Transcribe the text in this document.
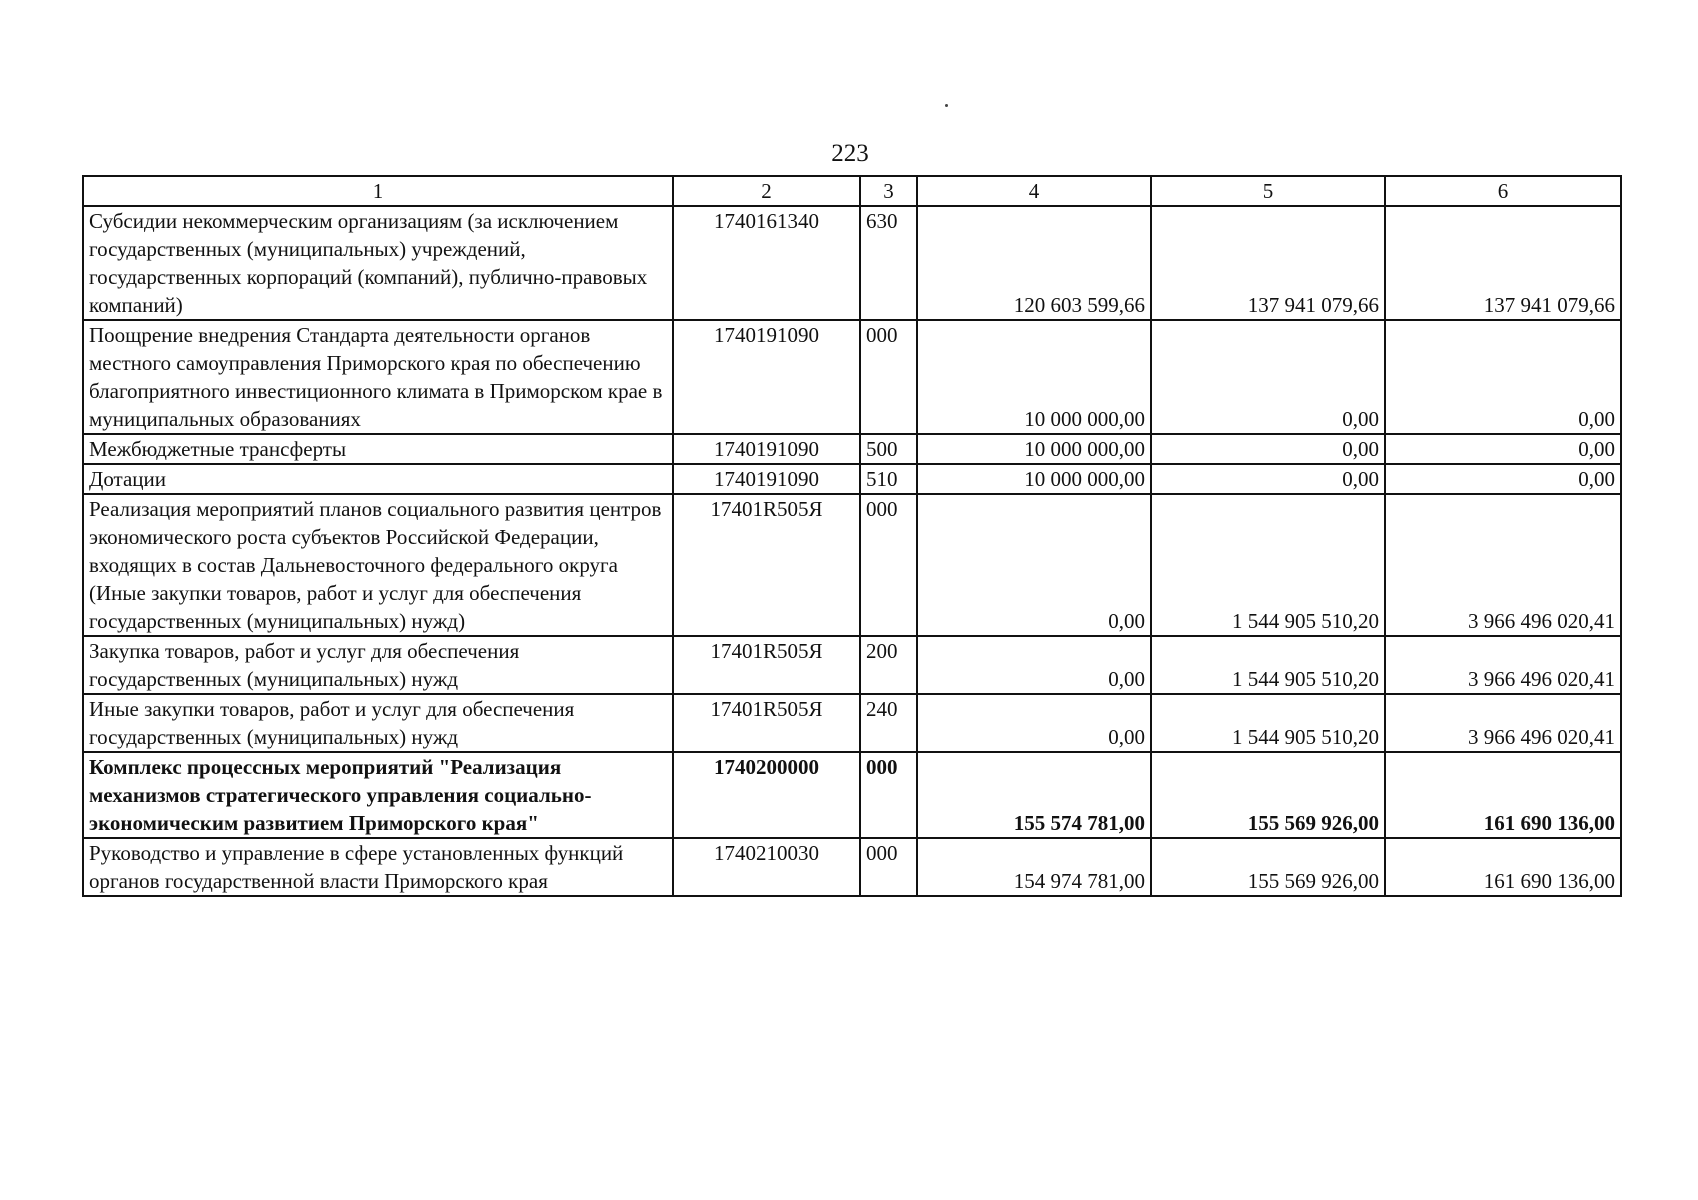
223
1	2	3	4	5	6
Субсидии некоммерческим организациям (за исключением государственных (муниципальных) учреждений, государственных корпораций (компаний), публично-правовых компаний)	1740161340	630	120 603 599,66	137 941 079,66	137 941 079,66
Поощрение внедрения Стандарта деятельности органов местного самоуправления Приморского края по обеспечению благоприятного инвестиционного климата в Приморском крае в муниципальных образованиях	1740191090	000	10 000 000,00	0,00	0,00
Межбюджетные трансферты	1740191090	500	10 000 000,00	0,00	0,00
Дотации	1740191090	510	10 000 000,00	0,00	0,00
Реализация мероприятий планов социального развития центров экономического роста субъектов Российской Федерации, входящих в состав Дальневосточного федерального округа (Иные закупки товаров, работ и услуг для обеспечения государственных (муниципальных) нужд)	17401R505Я	000	0,00	1 544 905 510,20	3 966 496 020,41
Закупка товаров, работ и услуг для обеспечения государственных (муниципальных) нужд	17401R505Я	200	0,00	1 544 905 510,20	3 966 496 020,41
Иные закупки товаров, работ и услуг для обеспечения государственных (муниципальных) нужд	17401R505Я	240	0,00	1 544 905 510,20	3 966 496 020,41
Комплекс процессных мероприятий "Реализация механизмов стратегического управления социально-экономическим развитием Приморского края"	1740200000	000	155 574 781,00	155 569 926,00	161 690 136,00
Руководство и управление в сфере установленных функций органов государственной власти Приморского края	1740210030	000	154 974 781,00	155 569 926,00	161 690 136,00
